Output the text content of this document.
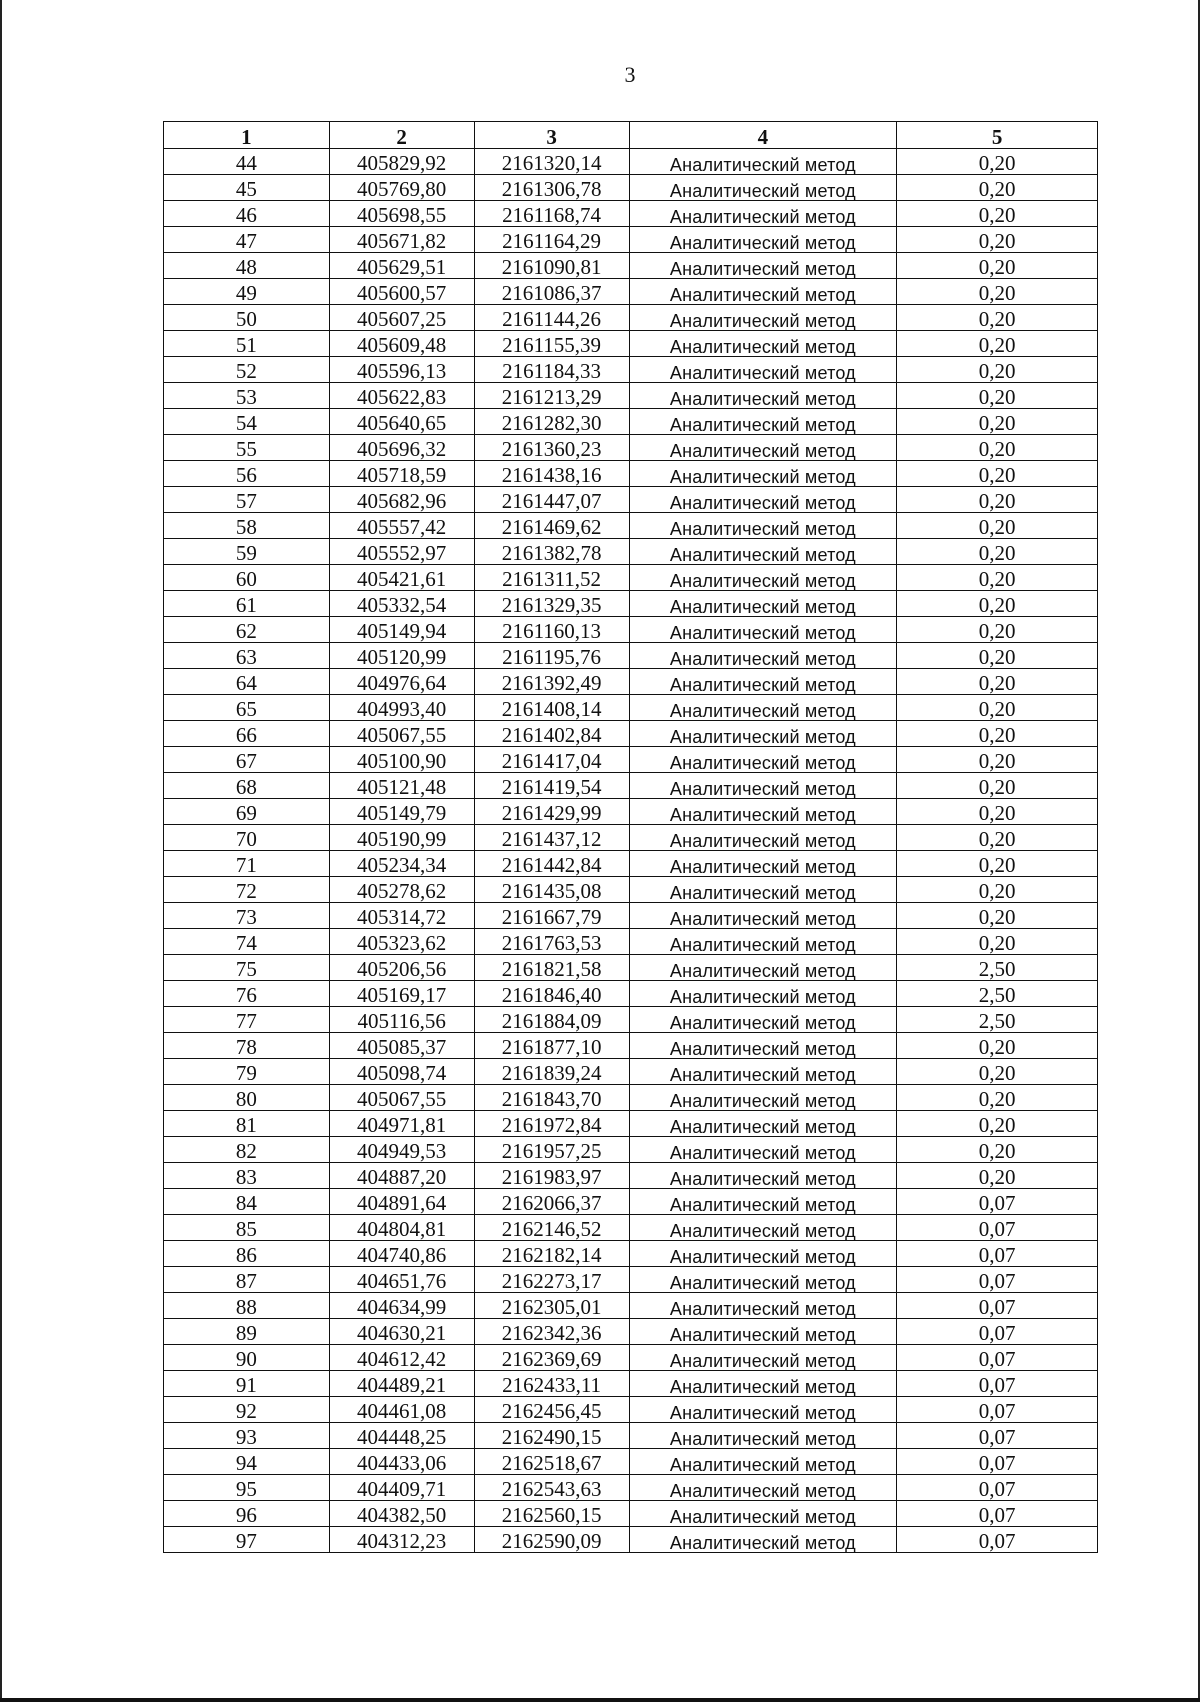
3
1	2	3	4	5
44	405829,92	2161320,14	Аналитический метод	0,20
45	405769,80	2161306,78	Аналитический метод	0,20
46	405698,55	2161168,74	Аналитический метод	0,20
47	405671,82	2161164,29	Аналитический метод	0,20
48	405629,51	2161090,81	Аналитический метод	0,20
49	405600,57	2161086,37	Аналитический метод	0,20
50	405607,25	2161144,26	Аналитический метод	0,20
51	405609,48	2161155,39	Аналитический метод	0,20
52	405596,13	2161184,33	Аналитический метод	0,20
53	405622,83	2161213,29	Аналитический метод	0,20
54	405640,65	2161282,30	Аналитический метод	0,20
55	405696,32	2161360,23	Аналитический метод	0,20
56	405718,59	2161438,16	Аналитический метод	0,20
57	405682,96	2161447,07	Аналитический метод	0,20
58	405557,42	2161469,62	Аналитический метод	0,20
59	405552,97	2161382,78	Аналитический метод	0,20
60	405421,61	2161311,52	Аналитический метод	0,20
61	405332,54	2161329,35	Аналитический метод	0,20
62	405149,94	2161160,13	Аналитический метод	0,20
63	405120,99	2161195,76	Аналитический метод	0,20
64	404976,64	2161392,49	Аналитический метод	0,20
65	404993,40	2161408,14	Аналитический метод	0,20
66	405067,55	2161402,84	Аналитический метод	0,20
67	405100,90	2161417,04	Аналитический метод	0,20
68	405121,48	2161419,54	Аналитический метод	0,20
69	405149,79	2161429,99	Аналитический метод	0,20
70	405190,99	2161437,12	Аналитический метод	0,20
71	405234,34	2161442,84	Аналитический метод	0,20
72	405278,62	2161435,08	Аналитический метод	0,20
73	405314,72	2161667,79	Аналитический метод	0,20
74	405323,62	2161763,53	Аналитический метод	0,20
75	405206,56	2161821,58	Аналитический метод	2,50
76	405169,17	2161846,40	Аналитический метод	2,50
77	405116,56	2161884,09	Аналитический метод	2,50
78	405085,37	2161877,10	Аналитический метод	0,20
79	405098,74	2161839,24	Аналитический метод	0,20
80	405067,55	2161843,70	Аналитический метод	0,20
81	404971,81	2161972,84	Аналитический метод	0,20
82	404949,53	2161957,25	Аналитический метод	0,20
83	404887,20	2161983,97	Аналитический метод	0,20
84	404891,64	2162066,37	Аналитический метод	0,07
85	404804,81	2162146,52	Аналитический метод	0,07
86	404740,86	2162182,14	Аналитический метод	0,07
87	404651,76	2162273,17	Аналитический метод	0,07
88	404634,99	2162305,01	Аналитический метод	0,07
89	404630,21	2162342,36	Аналитический метод	0,07
90	404612,42	2162369,69	Аналитический метод	0,07
91	404489,21	2162433,11	Аналитический метод	0,07
92	404461,08	2162456,45	Аналитический метод	0,07
93	404448,25	2162490,15	Аналитический метод	0,07
94	404433,06	2162518,67	Аналитический метод	0,07
95	404409,71	2162543,63	Аналитический метод	0,07
96	404382,50	2162560,15	Аналитический метод	0,07
97	404312,23	2162590,09	Аналитический метод	0,07
